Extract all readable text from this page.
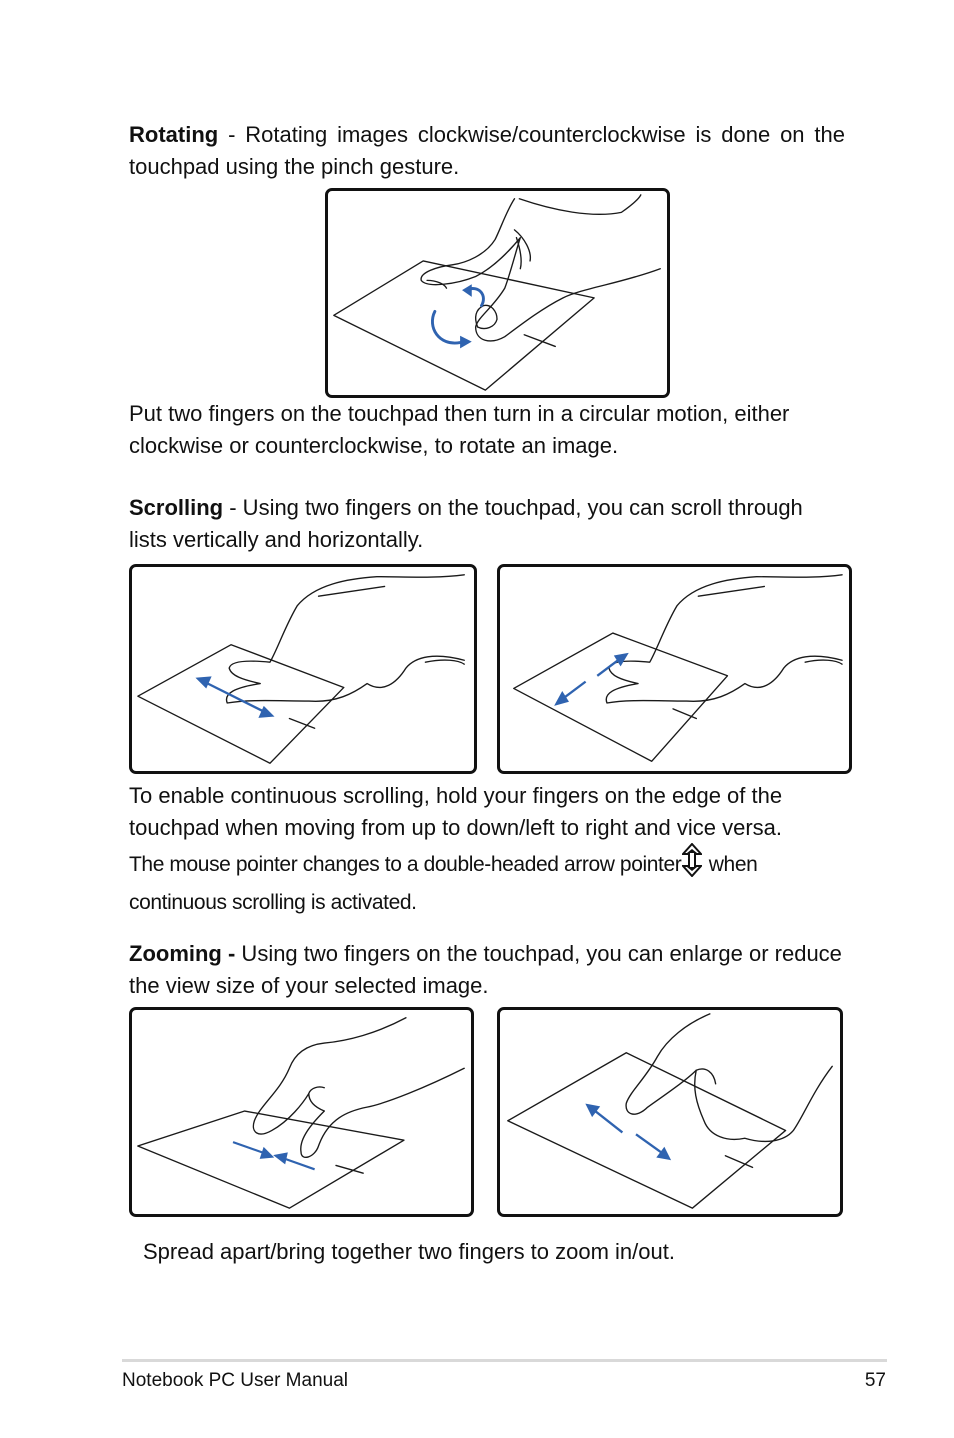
Rotating - Rotating images clockwise/counterclockwise is done on the touchpad using the pinch gesture.

Put two fingers on the touchpad then turn in a circular motion, either clockwise or counterclockwise, to rotate an image.

Scrolling - Using two fingers on the touchpad, you can scroll through lists vertically and horizontally.

To enable continuous scrolling, hold your fingers on the edge of the touchpad when moving from up to down/left to right and vice versa.

The mouse pointer changes to a double-headed arrow pointer when continuous scrolling is activated.

Zooming - Using two fingers on the touchpad, you can enlarge or reduce the view size of your selected image.

Spread apart/bring together two fingers to zoom in/out.

Notebook PC User Manual	57
